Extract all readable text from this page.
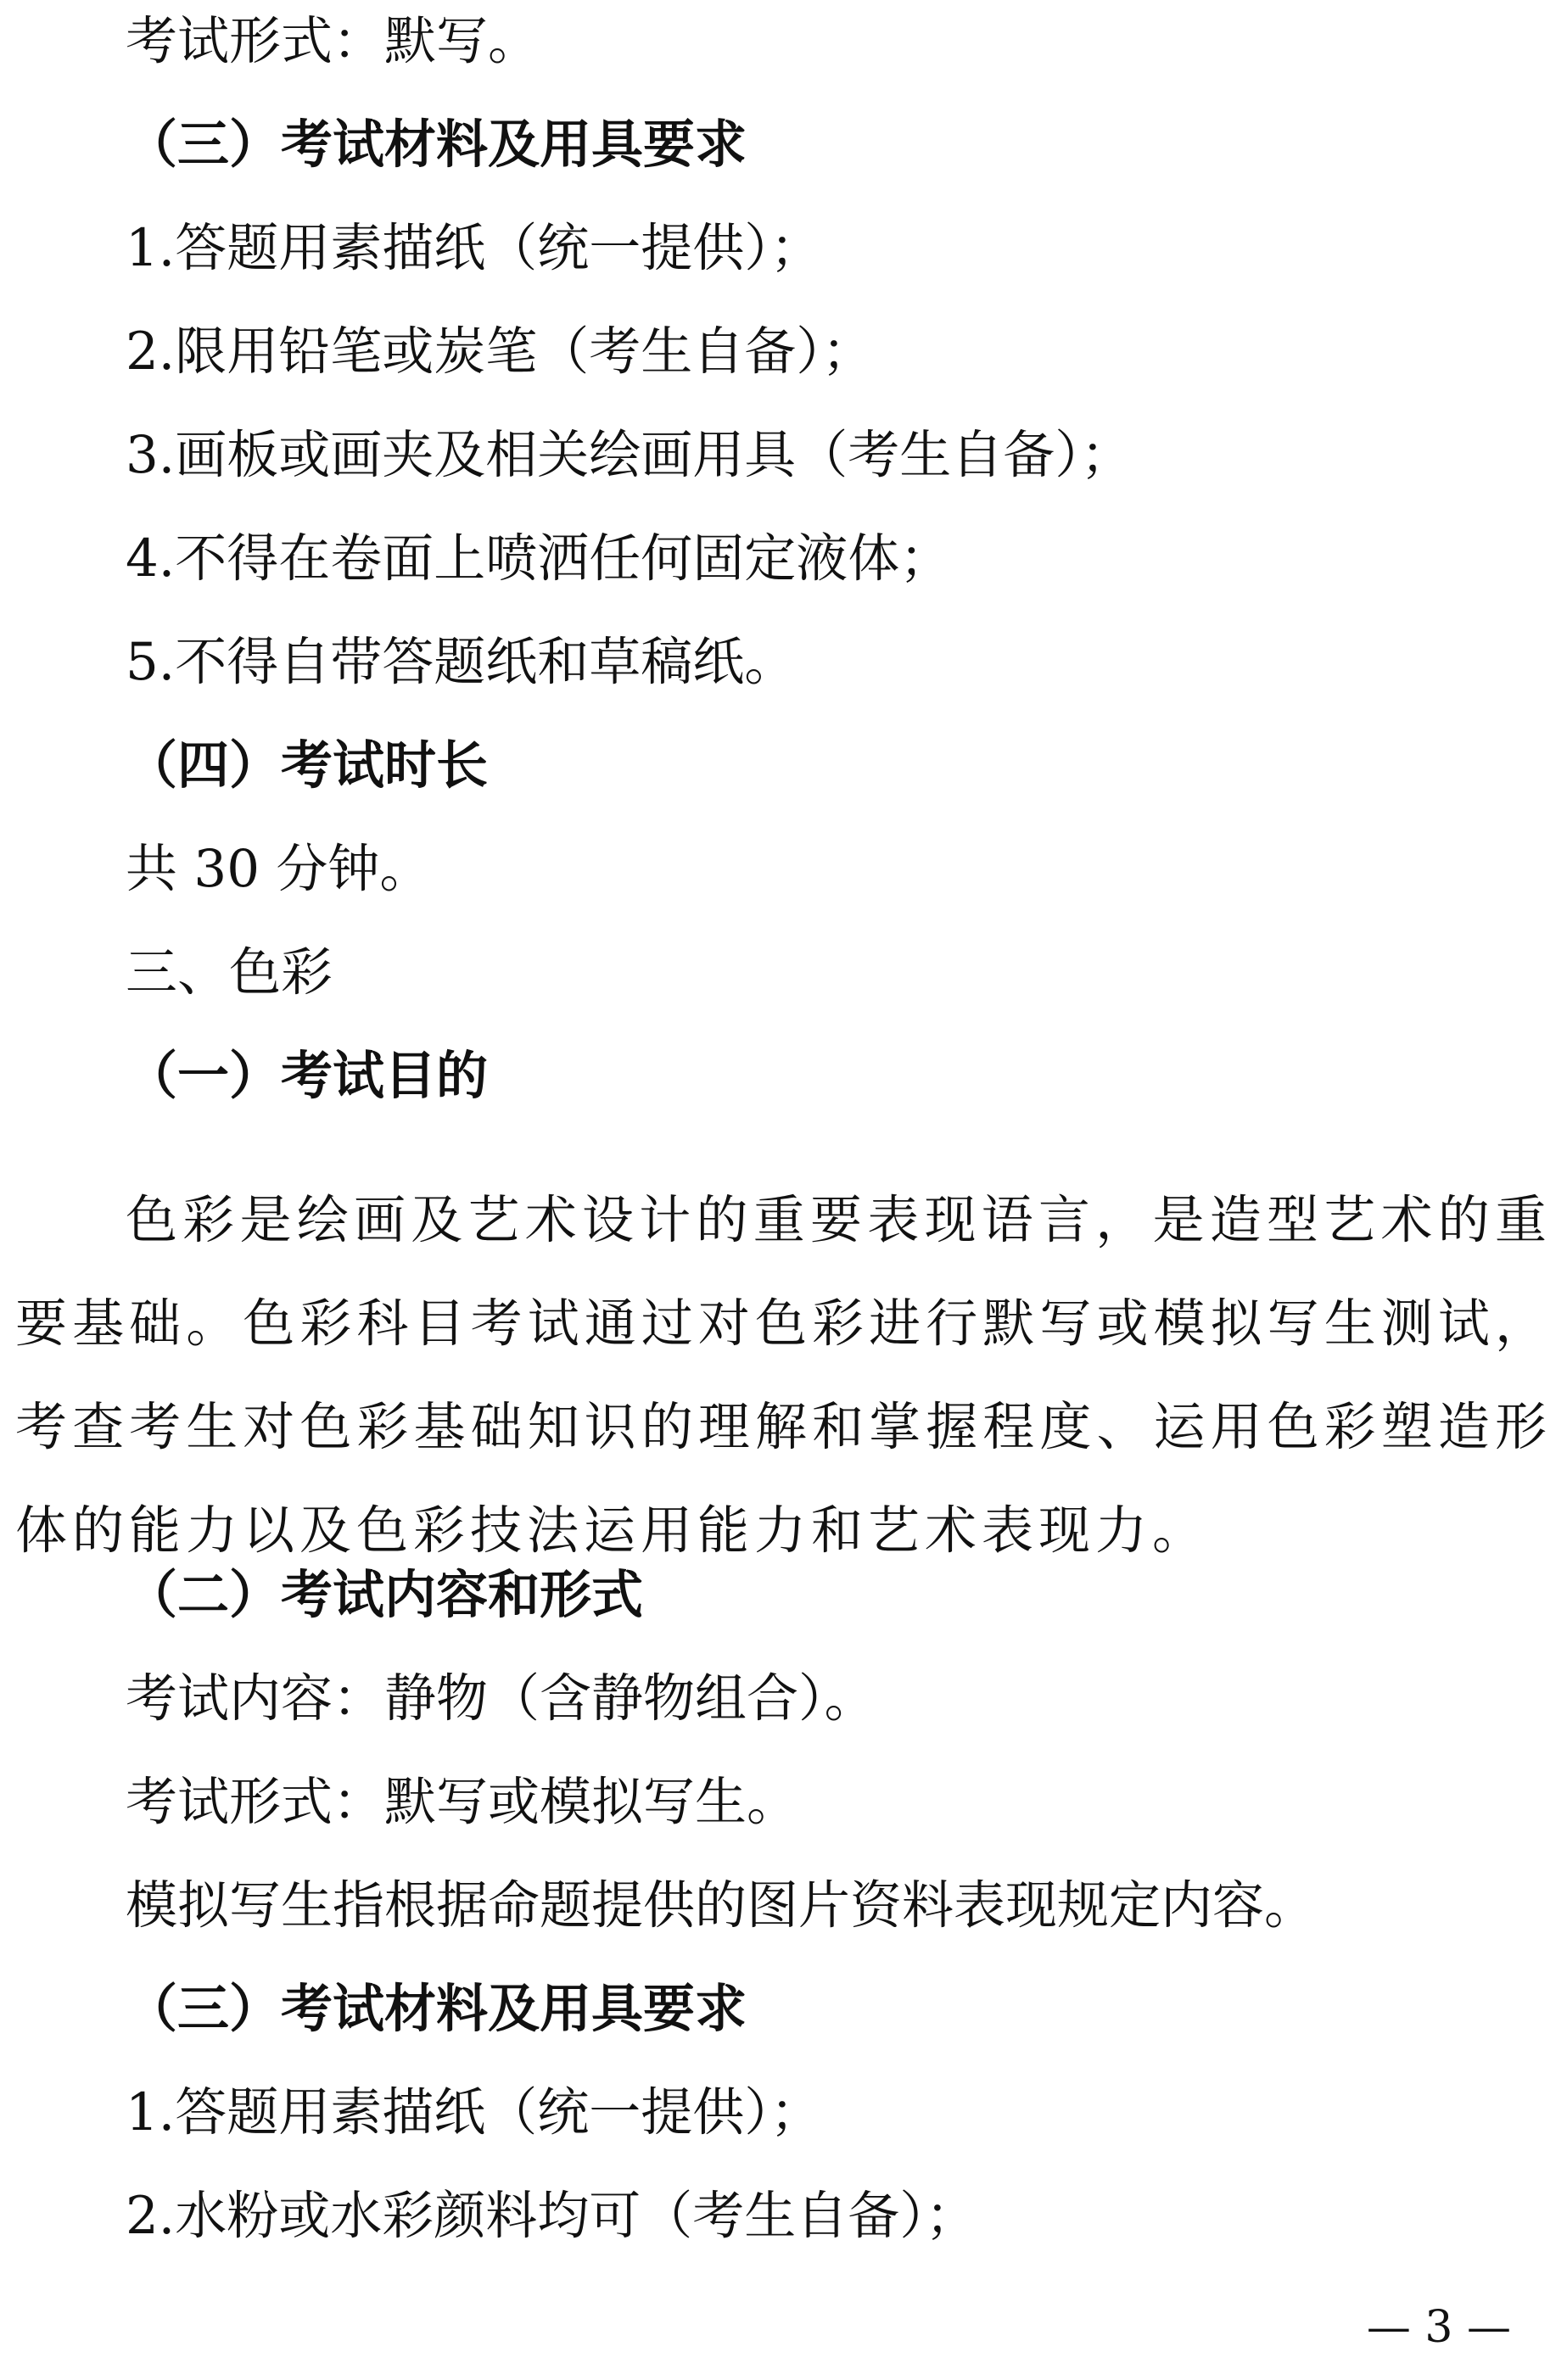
考试形式：默写。

（三）考试材料及用具要求

1.答题用素描纸（统一提供）；

2.限用铅笔或炭笔（考生自备）；

3.画板或画夹及相关绘画用具（考生自备）；

4.不得在卷面上喷洒任何固定液体；

5.不得自带答题纸和草稿纸。

（四）考试时长

共 30 分钟。

三、色彩

（一）考试目的

色彩是绘画及艺术设计的重要表现语言，是造型艺术的重要基础。色彩科目考试通过对色彩进行默写或模拟写生测试，考查考生对色彩基础知识的理解和掌握程度、运用色彩塑造形体的能力以及色彩技法运用能力和艺术表现力。

（二）考试内容和形式

考试内容：静物（含静物组合）。

考试形式：默写或模拟写生。

模拟写生指根据命题提供的图片资料表现规定内容。

（三）考试材料及用具要求

1.答题用素描纸（统一提供）；

2.水粉或水彩颜料均可（考生自备）；

— 3 —
